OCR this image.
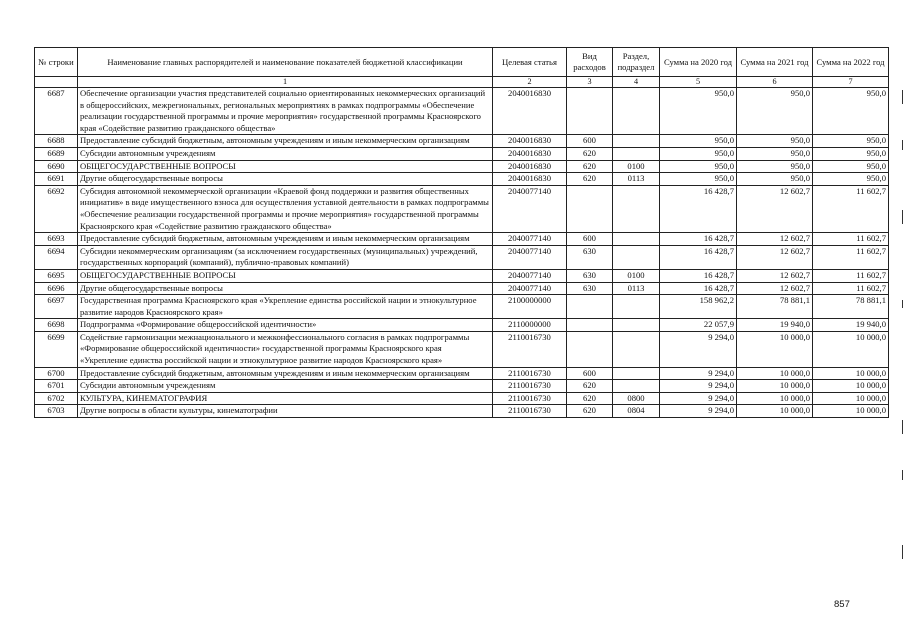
№ строки	Наименование главных распорядителей и наименование показателей бюджетной классификации	Целевая статья	Вид расходов	Раздел, подраздел	Сумма на 2020 год	Сумма на 2021 год	Сумма на 2022 год
	1	2	3	4	5	6	7
6687	Обеспечение организации участия представителей социально ориентированных некоммерческих организаций в общероссийских, межрегиональных, региональных мероприятиях в рамках подпрограммы «Обеспечение реализации государственной программы и прочие мероприятия» государственной программы Красноярского края «Содействие развитию гражданского общества»	2040016830			950,0	950,0	950,0
6688	Предоставление субсидий бюджетным, автономным учреждениям и иным некоммерческим организациям	2040016830	600		950,0	950,0	950,0
6689	Субсидии автономным учреждениям	2040016830	620		950,0	950,0	950,0
6690	ОБЩЕГОСУДАРСТВЕННЫЕ ВОПРОСЫ	2040016830	620	0100	950,0	950,0	950,0
6691	Другие общегосударственные вопросы	2040016830	620	0113	950,0	950,0	950,0
6692	Субсидия автономной некоммерческой организации «Краевой фонд поддержки и развития общественных инициатив» в виде имущественного взноса для осуществления уставной деятельности в рамках подпрограммы «Обеспечение реализации государственной программы и прочие мероприятия» государственной программы Красноярского края «Содействие развитию гражданского общества»	2040077140			16 428,7	12 602,7	11 602,7
6693	Предоставление субсидий бюджетным, автономным учреждениям и иным некоммерческим организациям	2040077140	600		16 428,7	12 602,7	11 602,7
6694	Субсидии некоммерческим организациям (за исключением государственных (муниципальных) учреждений, государственных корпораций (компаний), публично-правовых компаний)	2040077140	630		16 428,7	12 602,7	11 602,7
6695	ОБЩЕГОСУДАРСТВЕННЫЕ ВОПРОСЫ	2040077140	630	0100	16 428,7	12 602,7	11 602,7
6696	Другие общегосударственные вопросы	2040077140	630	0113	16 428,7	12 602,7	11 602,7
6697	Государственная программа Красноярского края «Укрепление единства российской нации и этнокультурное развитие народов Красноярского края»	2100000000			158 962,2	78 881,1	78 881,1
6698	Подпрограмма «Формирование общероссийской идентичности»	2110000000			22 057,9	19 940,0	19 940,0
6699	Содействие гармонизации межнационального и межконфессионального согласия в рамках подпрограммы «Формирование общероссийской идентичности» государственной программы Красноярского края «Укрепление единства российской нации и этнокультурное развитие народов Красноярского края»	2110016730			9 294,0	10 000,0	10 000,0
6700	Предоставление субсидий бюджетным, автономным учреждениям и иным некоммерческим организациям	2110016730	600		9 294,0	10 000,0	10 000,0
6701	Субсидии автономным учреждениям	2110016730	620		9 294,0	10 000,0	10 000,0
6702	КУЛЬТУРА, КИНЕМАТОГРАФИЯ	2110016730	620	0800	9 294,0	10 000,0	10 000,0
6703	Другие вопросы в области культуры, кинематографии	2110016730	620	0804	9 294,0	10 000,0	10 000,0
857
